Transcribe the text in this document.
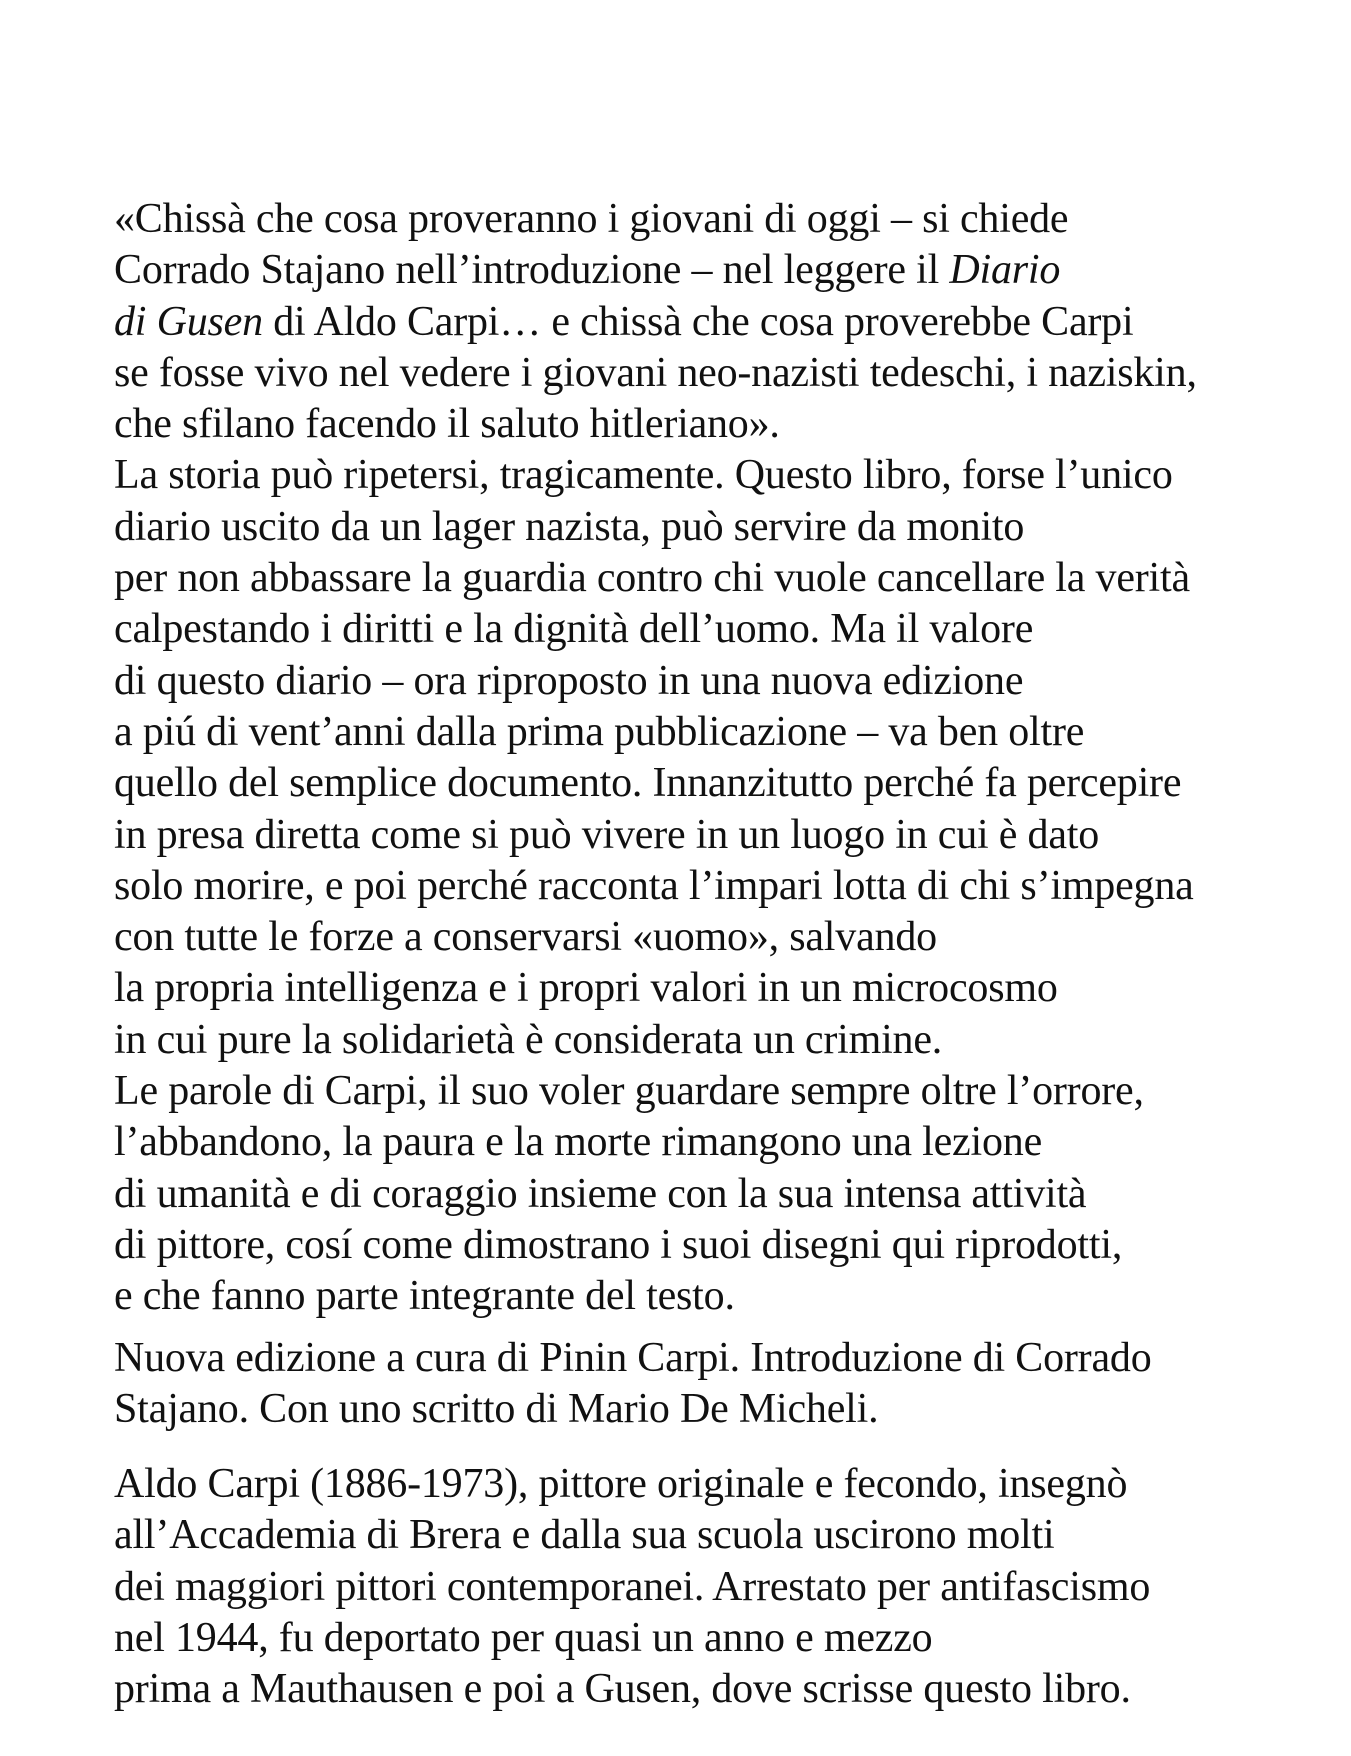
«Chissà che cosa proveranno i giovani di oggi – si chiede
Corrado Stajano nell’introduzione – nel leggere il Diario
di Gusen di Aldo Carpi… e chissà che cosa proverebbe Carpi
se fosse vivo nel vedere i giovani neo-nazisti tedeschi, i naziskin,
che sfilano facendo il saluto hitleriano».
La storia può ripetersi, tragicamente. Questo libro, forse l’unico
diario uscito da un lager nazista, può servire da monito
per non abbassare la guardia contro chi vuole cancellare la verità
calpestando i diritti e la dignità dell’uomo. Ma il valore
di questo diario – ora riproposto in una nuova edizione
a piú di vent’anni dalla prima pubblicazione – va ben oltre
quello del semplice documento. Innanzitutto perché fa percepire
in presa diretta come si può vivere in un luogo in cui è dato
solo morire, e poi perché racconta l’impari lotta di chi s’impegna
con tutte le forze a conservarsi «uomo», salvando
la propria intelligenza e i propri valori in un microcosmo
in cui pure la solidarietà è considerata un crimine.
Le parole di Carpi, il suo voler guardare sempre oltre l’orrore,
l’abbandono, la paura e la morte rimangono una lezione
di umanità e di coraggio insieme con la sua intensa attività
di pittore, cosí come dimostrano i suoi disegni qui riprodotti,
e che fanno parte integrante del testo.
Nuova edizione a cura di Pinin Carpi. Introduzione di Corrado
Stajano. Con uno scritto di Mario De Micheli.
Aldo Carpi (1886-1973), pittore originale e fecondo, insegnò
all’Accademia di Brera e dalla sua scuola uscirono molti
dei maggiori pittori contemporanei. Arrestato per antifascismo
nel 1944, fu deportato per quasi un anno e mezzo
prima a Mauthausen e poi a Gusen, dove scrisse questo libro.
